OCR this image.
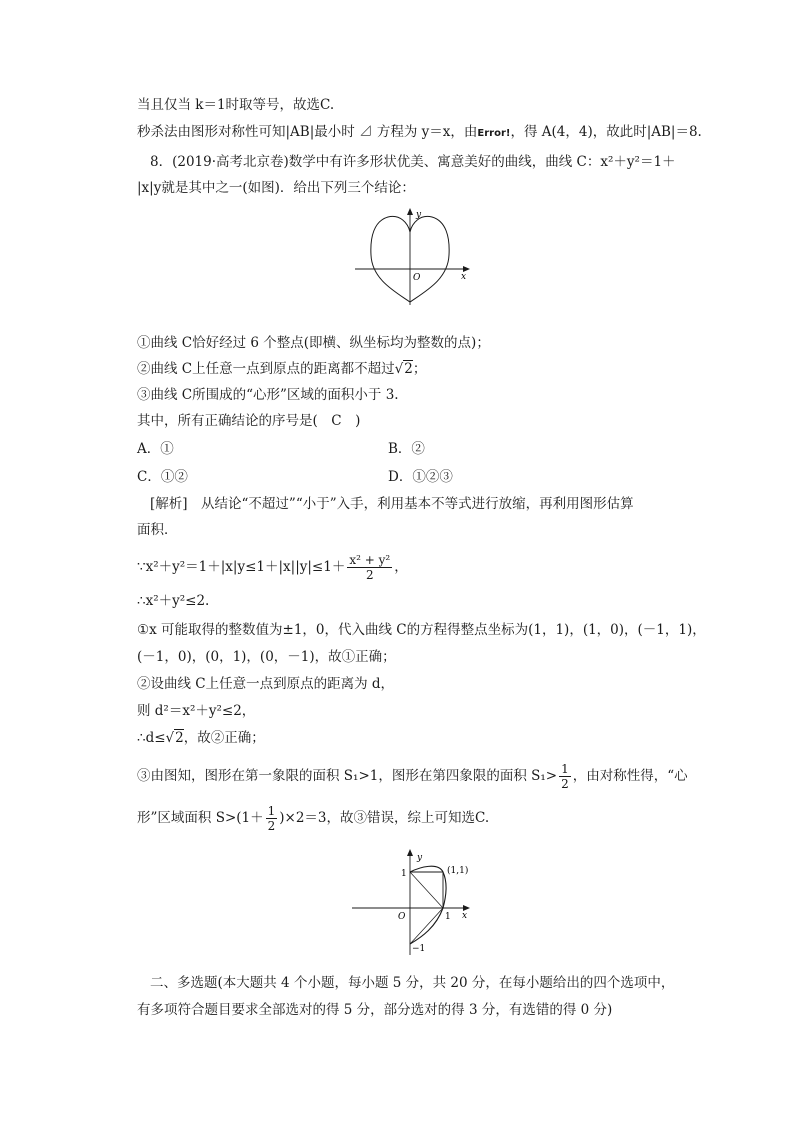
当且仅当 k＝1时取等号，故选C.
秒杀法由图形对称性可知|AB|最小时 ⊿ 方程为 y＝x，由Error!，得 A(4，4)，故此时|AB|＝8.
8．(2019·高考北京卷)数学中有许多形状优美、寓意美好的曲线，曲线 C：x²＋y²＝1＋
|x|y就是其中之一(如图)．给出下列三个结论：
y
x
O
①曲线 C恰好经过 6 个整点(即横、纵坐标均为整数的点)；
②曲线 C上任意一点到原点的距离都不超过√2；
③曲线 C所围成的“心形”区域的面积小于 3.
其中，所有正确结论的序号是(　C　)
A．①	B．②
C．①②	D．①②③
[解析]　从结论“不超过”“小于”入手，利用基本不等式进行放缩，再利用图形估算
面积．
∵x²＋y²＝1＋|x|y≤1＋|x||y|≤1＋ $\frac{\text{x² + y²}}{2}$ ，
∴x²＋y²≤2.
①x 可能取得的整数值为±1，0，代入曲线 C的方程得整点坐标为(1，1)，(1，0)，(－1，1)，
(－1，0)，(0，1)，(0，－1)，故①正确；
②设曲线 C上任意一点到原点的距离为 d，
则 d²＝x²＋y²≤2，
∴d≤√2，故②正确；
③由图知，图形在第一象限的面积 S₁>1，图形在第四象限的面积 $S_1> \frac{1}{2}$ ，由对称性得，“心
形”区域面积 $S>(1+ \frac{1}{2} )\times 2=3$，故③错误，综上可知选C.
y
x
O
(1,1)
1
1
−1
二、多选题(本大题共 4 个小题，每小题 5 分，共 20 分，在每小题给出的四个选项中，
有多项符合题目要求全部选对的得 5 分，部分选对的得 3 分，有选错的得 0 分)
